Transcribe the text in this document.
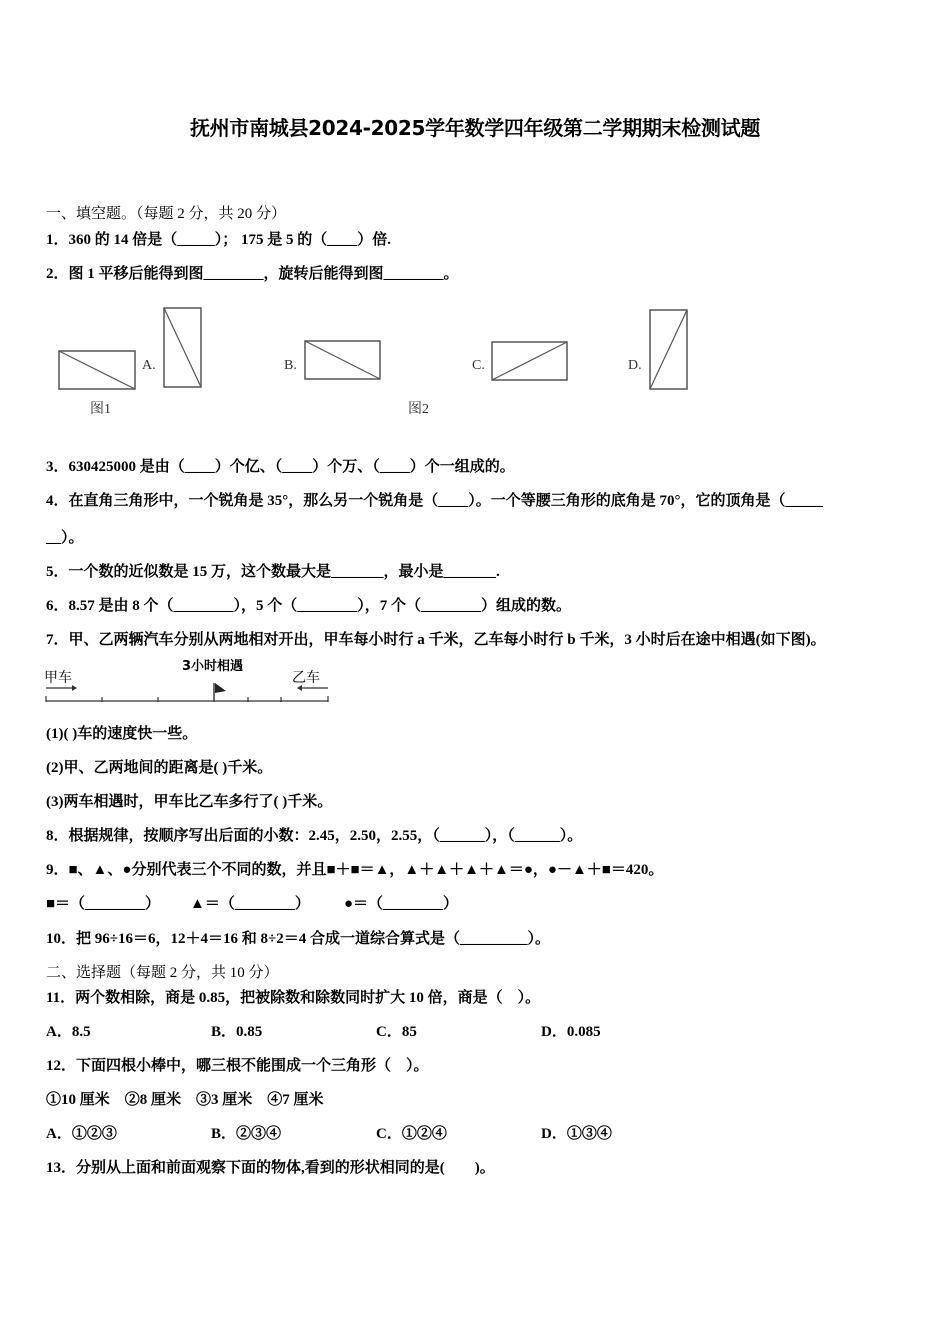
抚州市南城县2024-2025学年数学四年级第二学期期末检测试题
一、填空题。（每题 2 分，共 20 分）
1．360 的 14 倍是（_____）； 175 是 5 的（____）倍.
2．图 1 平移后能得到图________，旋转后能得到图________。
图1
A.	B.
图2
C.	D.
3．630425000 是由（____）个亿、（____）个万、（____）个一组成的。
4．在直角三角形中，一个锐角是 35°，那么另一个锐角是（____）。一个等腰三角形的底角是 70°，它的顶角是（_____
__）。
5．一个数的近似数是 15 万，这个数最大是_______，最小是_______.
6．8.57 是由 8 个（________），5 个（________），7 个（________）组成的数。
7．甲、乙两辆汽车分别从两地相对开出，甲车每小时行 a 千米，乙车每小时行 b 千米，3 小时后在途中相遇(如下图)。
甲车
3小时相遇
乙车
(1)( )车的速度快一些。
(2)甲、乙两地间的距离是( )千米。
(3)两车相遇时，甲车比乙车多行了( )千米。
8．根据规律，按顺序写出后面的小数：2.45，2.50，2.55，（______），（______）。
9．■、▲、●分别代表三个不同的数，并且■＋■＝▲，▲＋▲＋▲＋▲＝●，●－▲＋■＝420。
■＝（________） ▲＝（________） ●＝（________）
10．把 96÷16＝6，12＋4＝16 和 8÷2＝4 合成一道综合算式是（_________）。
二、选择题（每题 2 分，共 10 分）
11．两个数相除，商是 0.85，把被除数和除数同时扩大 10 倍，商是（　）。
A．8.5	B．0.85	C．85	D．0.085
12．下面四根小棒中，哪三根不能围成一个三角形（　）。
①10 厘米　②8 厘米　③3 厘米　④7 厘米
A．①②③	B．②③④	C．①②④	D．①③④
13．分别从上面和前面观察下面的物体,看到的形状相同的是(　　)。
